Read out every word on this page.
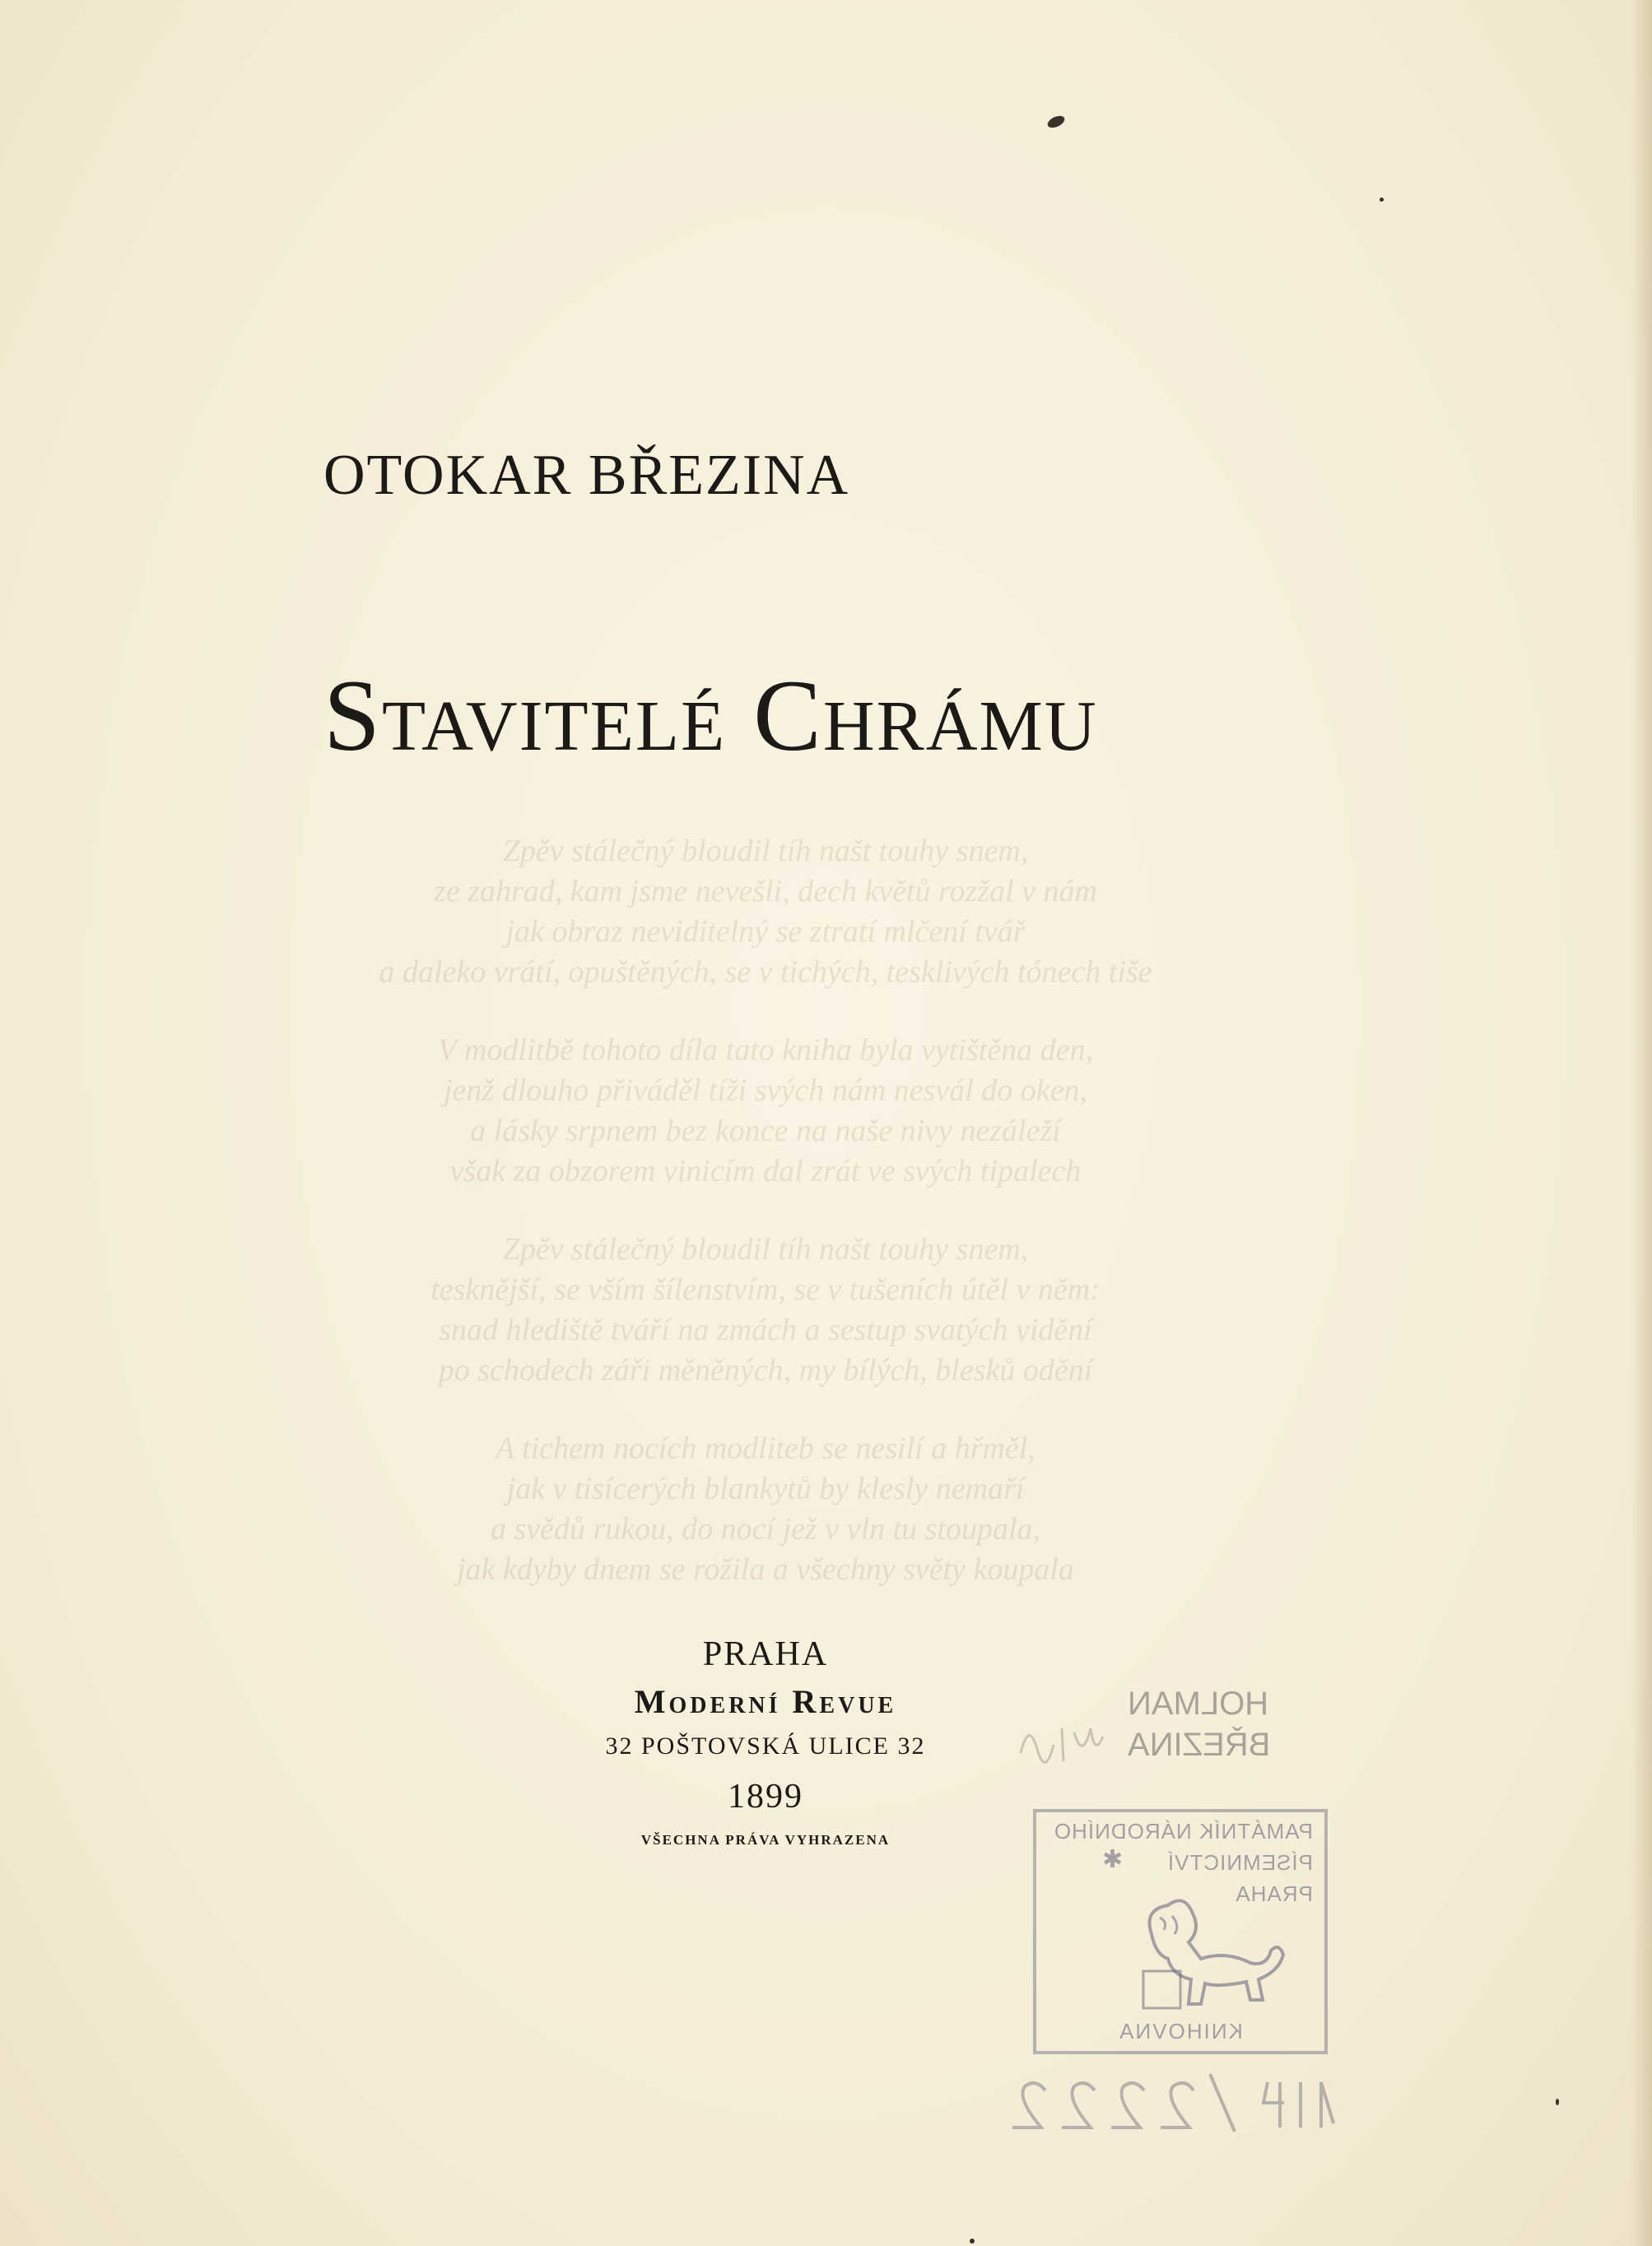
OTOKAR BŘEZINA
Stavitelé Chrámu
Zpěv stálečný bloudil tíh našt touhy snem,
ze zahrad, kam jsme nevešli, dech květů rozžal v nám
jak obraz neviditelný se ztratí mlčení tvář
a daleko vrátí, opuštěných, se v tichých, tesklivých tónech tiše
V modlitbě tohoto díla tato kniha byla vytištěna den,
jenž dlouho přiváděl tíži svých nám nesvál do oken,
a lásky srpnem bez konce na naše nivy nezáleží
však za obzorem vinicím dal zrát ve svých tipalech
Zpěv stálečný bloudil tíh našt touhy snem,
tesknější, se vším šílenstvím, se v tušeních útěl v něm:
snad hlediště tváří na zmách a sestup svatých vidění
po schodech záři měněných, my bílých, blesků odění
A tichem nocích modliteb se nesilí a hřměl,
jak v tisícerých blankytů by klesly nemaří
a svědů rukou, do nocí jež v vln tu stoupala,
jak kdyby dnem se rožila a všechny světy koupala
PRAHA
Moderní Revue
32 POŠTOVSKÁ ULICE 32
1899
VŠECHNA PRÁVA VYHRAZENA
HOLMAN
BŘEZINA
PAMÁTNÍK NÁRODNÍHO
PÍSEMNICTVÍ
PRAHA
KNIHOVNA
✱
